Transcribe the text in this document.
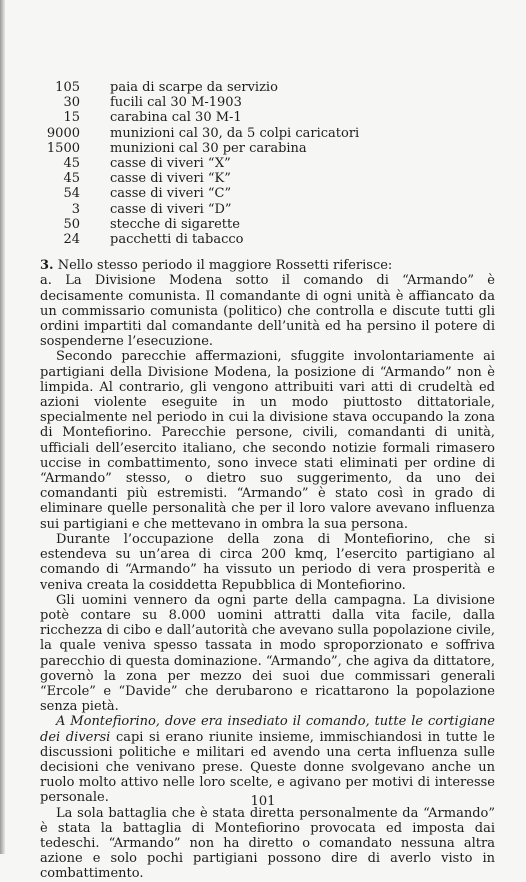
105	paia di scarpe da servizio
30	fucili cal 30 M-1903
15	carabina cal 30 M-1
9000	munizioni cal 30, da 5 colpi caricatori
1500	munizioni cal 30 per carabina
45	casse di viveri “X”
45	casse di viveri “K”
54	casse di viveri “C”
3	casse di viveri “D”
50	stecche di sigarette
24	pacchetti di tabacco

3. Nello stesso periodo il maggiore Rossetti riferisce:

a. La Divisione Modena sotto il comando di “Armando” è decisamente comunista. Il comandante di ogni unità è affiancato da un commissario comunista (politico) che controlla e discute tutti gli ordini impartiti dal comandante dell’unità ed ha persino il potere di sospenderne l’esecuzione.

Secondo parecchie affermazioni, sfuggite involontariamente ai partigiani della Divisione Modena, la posizione di “Armando” non è limpida. Al contrario, gli vengono attribuiti vari atti di crudeltà ed azioni violente eseguite in un modo piuttosto dittatoriale, specialmente nel periodo in cui la divisione stava occupando la zona di Montefiorino. Parecchie persone, civili, comandanti di unità, ufficiali dell’esercito italiano, che secondo notizie formali rimasero uccise in combattimento, sono invece stati eliminati per ordine di “Armando” stesso, o dietro suo suggerimento, da uno dei comandanti più estremisti. “Armando” è stato così in grado di eliminare quelle personalità che per il loro valore avevano influenza sui partigiani e che mettevano in ombra la sua persona.

Durante l’occupazione della zona di Montefiorino, che si estendeva su un’area di circa 200 kmq, l’esercito partigiano al comando di “Armando” ha vissuto un periodo di vera prosperità e veniva creata la cosiddetta Repubblica di Montefiorino.

Gli uomini vennero da ogni parte della campagna. La divisione potè contare su 8.000 uomini attratti dalla vita facile, dalla ricchezza di cibo e dall’autorità che avevano sulla popolazione civile, la quale veniva spesso tassata in modo sproporzionato e soffriva parecchio di questa dominazione. “Armando”, che agiva da dittatore, governò la zona per mezzo dei suoi due commissari generali “Ercole” e “Davide” che derubarono e ricattarono la popolazione senza pietà.

A Montefiorino, dove era insediato il comando, tutte le cortigiane dei diversi capi si erano riunite insieme, immischiandosi in tutte le discussioni politiche e militari ed avendo una certa influenza sulle decisioni che venivano prese. Queste donne svolgevano anche un ruolo molto attivo nelle loro scelte, e agivano per motivi di interesse personale.

La sola battaglia che è stata diretta personalmente da “Armando” è stata la battaglia di Montefiorino provocata ed imposta dai tedeschi. “Armando” non ha diretto o comandato nessuna altra azione e solo pochi partigiani possono dire di averlo visto in combattimento.

101
